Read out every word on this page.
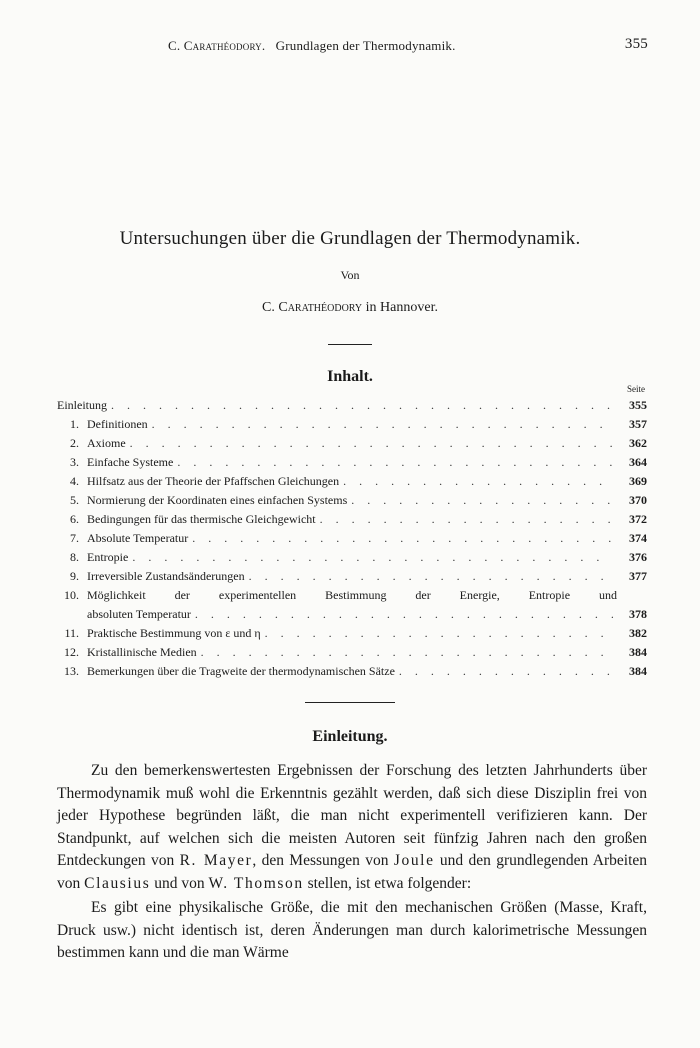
C. Carathéodory. Grundlagen der Thermodynamik.	355
Untersuchungen über die Grundlagen der Thermodynamik.
Von
C. Carathéodory in Hannover.
Inhalt.
Seite
Einleitung . . .	355
1. Definitionen . . .	357
2. Axiome . . .	362
3. Einfache Systeme . . .	364
4. Hilfsatz aus der Theorie der Pfaffschen Gleichungen . . .	369
5. Normierung der Koordinaten eines einfachen Systems . . .	370
6. Bedingungen für das thermische Gleichgewicht . . .	372
7. Absolute Temperatur . . .	374
8. Entropie . . .	376
9. Irreversible Zustandsänderungen . . .	377
10. Möglichkeit der experimentellen Bestimmung der Energie, Entropie und
absoluten Temperatur . . .	378
11. Praktische Bestimmung von ε und η . . .	382
12. Kristallinische Medien . . .	384
13. Bemerkungen über die Tragweite der thermodynamischen Sätze . . .	384
Einleitung.

Zu den bemerkenswertesten Ergebnissen der Forschung des letzten Jahrhunderts über Thermodynamik muß wohl die Erkenntnis gezählt werden, daß sich diese Disziplin frei von jeder Hypothese begründen läßt, die man nicht experimentell verifizieren kann. Der Standpunkt, auf welchen sich die meisten Autoren seit fünfzig Jahren nach den großen Entdeckungen von R. Mayer, den Messungen von Joule und den grundlegenden Arbeiten von Clausius und von W. Thomson stellen, ist etwa folgender:

Es gibt eine physikalische Größe, die mit den mechanischen Größen (Masse, Kraft, Druck usw.) nicht identisch ist, deren Änderungen man durch kalorimetrische Messungen bestimmen kann und die man Wärme
